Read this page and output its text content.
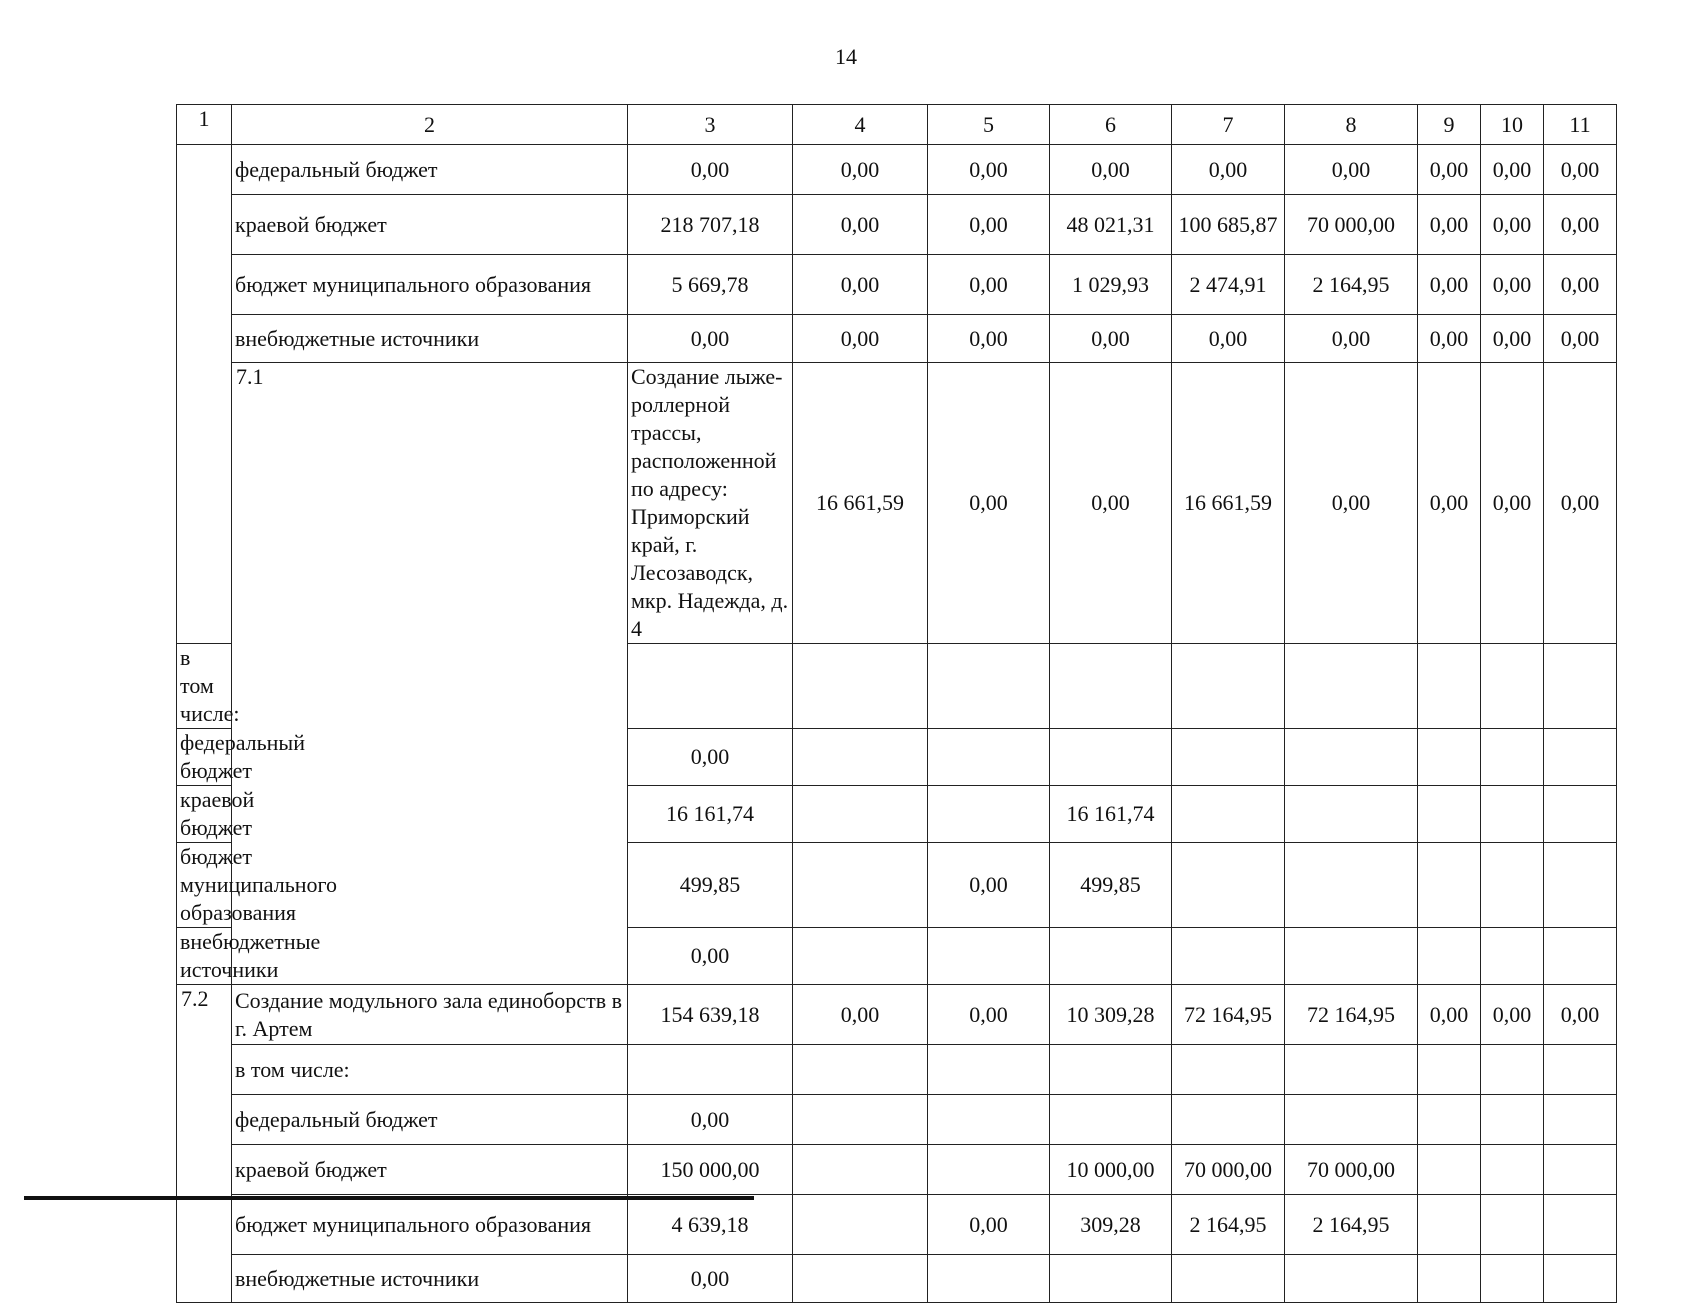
14
1	2	3	4	5	6	7	8	9	10	11	
	федеральный бюджет	0,00	0,00	0,00	0,00	0,00	0,00	0,00	0,00	0,00	
	краевой бюджет	218 707,18	0,00	0,00	48 021,31	100 685,87	70 000,00	0,00	0,00	0,00	
	бюджет муниципального образования	5 669,78	0,00	0,00	1 029,93	2 474,91	2 164,95	0,00	0,00	0,00	
	внебюджетные источники	0,00	0,00	0,00	0,00	0,00	0,00	0,00	0,00	0,00	
	7.1	Создание лыже-роллерной трассы, расположенной по адресу: Приморский край, г. Лесозаводск, мкр. Надежда, д. 4	16 661,59	0,00	0,00	16 661,59	0,00	0,00	0,00	0,00	
в том числе:											
федеральный бюджет		0,00									
краевой бюджет		16 161,74			16 161,74						
бюджет муниципального образования		499,85		0,00	499,85						
внебюджетные источники		0,00									
7.2	Создание модульного зала единоборств в г. Артем	154 639,18	0,00	0,00	10 309,28	72 164,95	72 164,95	0,00	0,00	0,00	
	в том числе:										
	федеральный бюджет	0,00									
	краевой бюджет	150 000,00			10 000,00	70 000,00	70 000,00				
	бюджет муниципального образования	4 639,18		0,00	309,28	2 164,95	2 164,95				
	внебюджетные источники	0,00									
